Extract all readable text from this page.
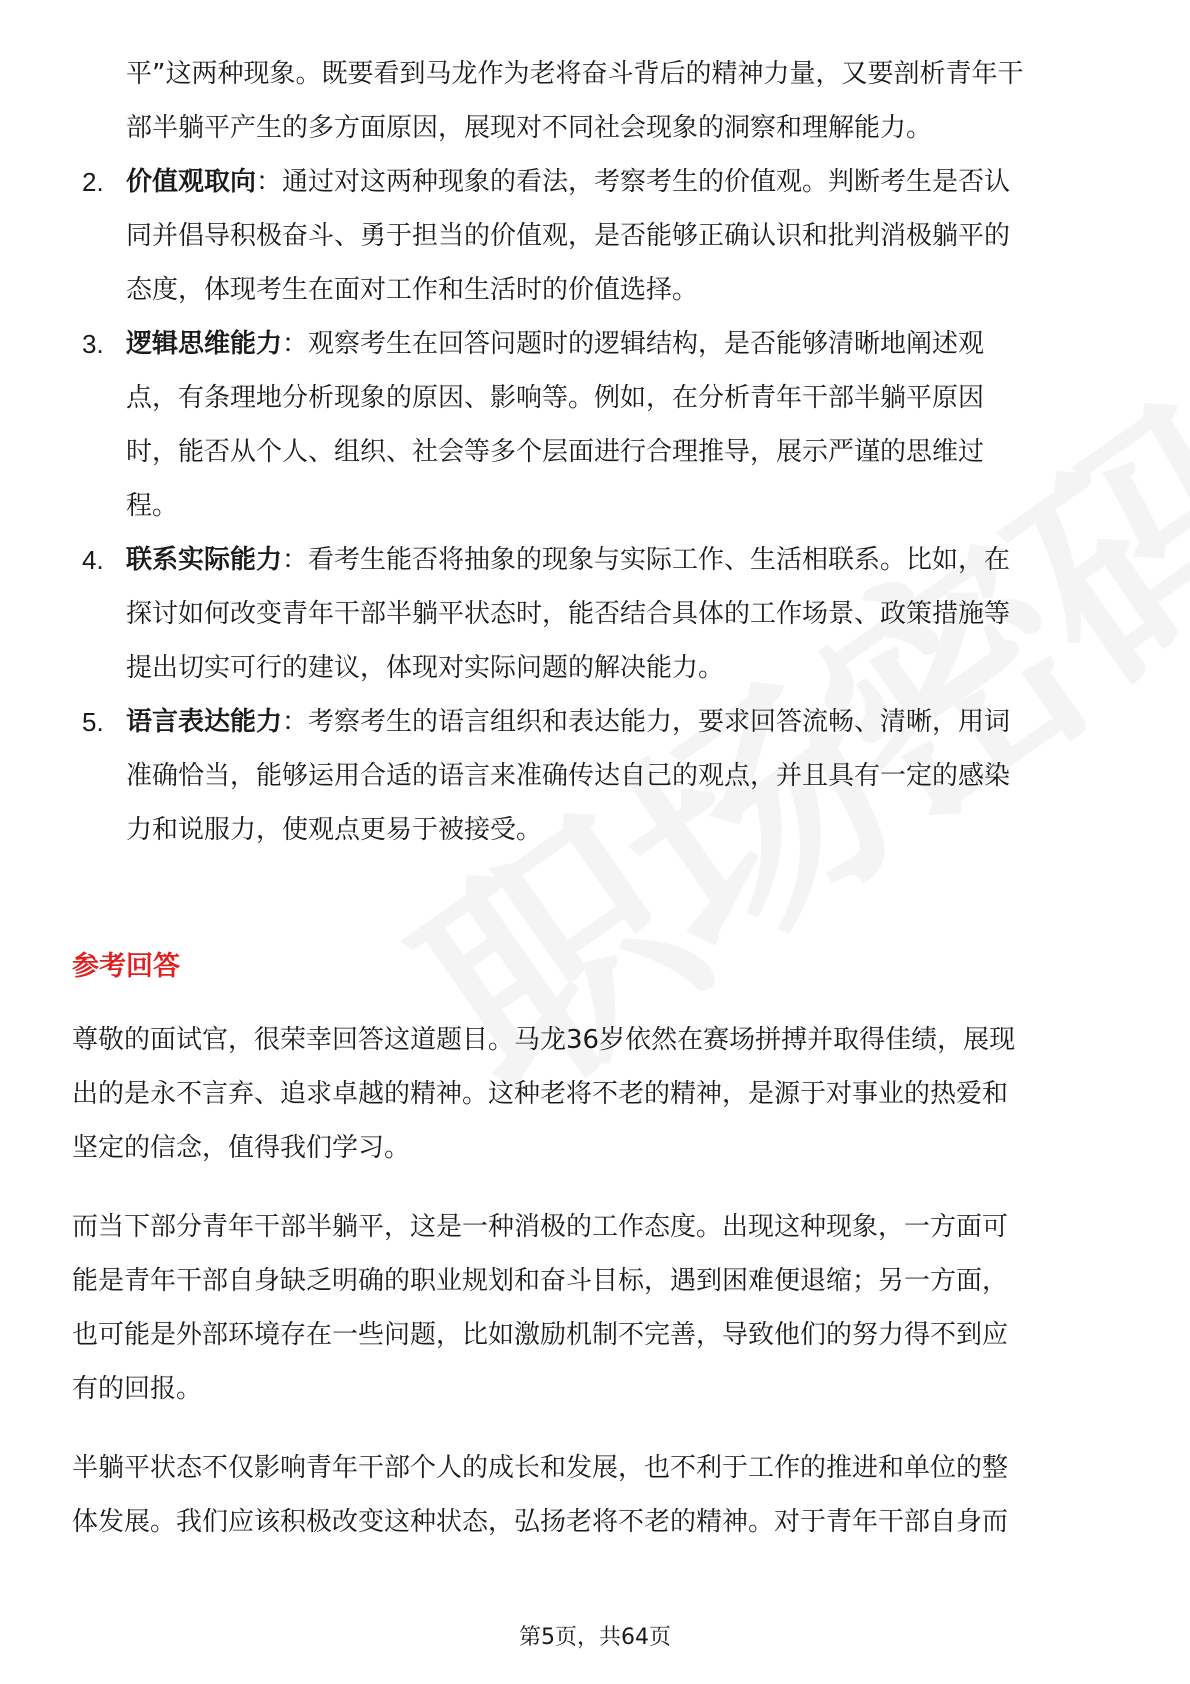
平”这两种现象。既要看到马龙作为老将奋斗背后的精神力量，又要剖析青年干
部半躺平产生的多方面原因，展现对不同社会现象的洞察和理解能力。
2. 价值观取向：通过对这两种现象的看法，考察考生的价值观。判断考生是否认
同并倡导积极奋斗、勇于担当的价值观，是否能够正确认识和批判消极躺平的
态度，体现考生在面对工作和生活时的价值选择。
3. 逻辑思维能力：观察考生在回答问题时的逻辑结构，是否能够清晰地阐述观
点，有条理地分析现象的原因、影响等。例如，在分析青年干部半躺平原因
时，能否从个人、组织、社会等多个层面进行合理推导，展示严谨的思维过
程。
4. 联系实际能力：看考生能否将抽象的现象与实际工作、生活相联系。比如，在
探讨如何改变青年干部半躺平状态时，能否结合具体的工作场景、政策措施等
提出切实可行的建议，体现对实际问题的解决能力。
5. 语言表达能力：考察考生的语言组织和表达能力，要求回答流畅、清晰，用词
准确恰当，能够运用合适的语言来准确传达自己的观点，并且具有一定的感染
力和说服力，使观点更易于被接受。
参考回答
尊敬的面试官，很荣幸回答这道题目。马龙36岁依然在赛场拼搏并取得佳绩，展现
出的是永不言弃、追求卓越的精神。这种老将不老的精神，是源于对事业的热爱和
坚定的信念，值得我们学习。
而当下部分青年干部半躺平，这是一种消极的工作态度。出现这种现象，一方面可
能是青年干部自身缺乏明确的职业规划和奋斗目标，遇到困难便退缩；另一方面，
也可能是外部环境存在一些问题，比如激励机制不完善，导致他们的努力得不到应
有的回报。
半躺平状态不仅影响青年干部个人的成长和发展，也不利于工作的推进和单位的整
体发展。我们应该积极改变这种状态，弘扬老将不老的精神。对于青年干部自身而
第5页，共64页
